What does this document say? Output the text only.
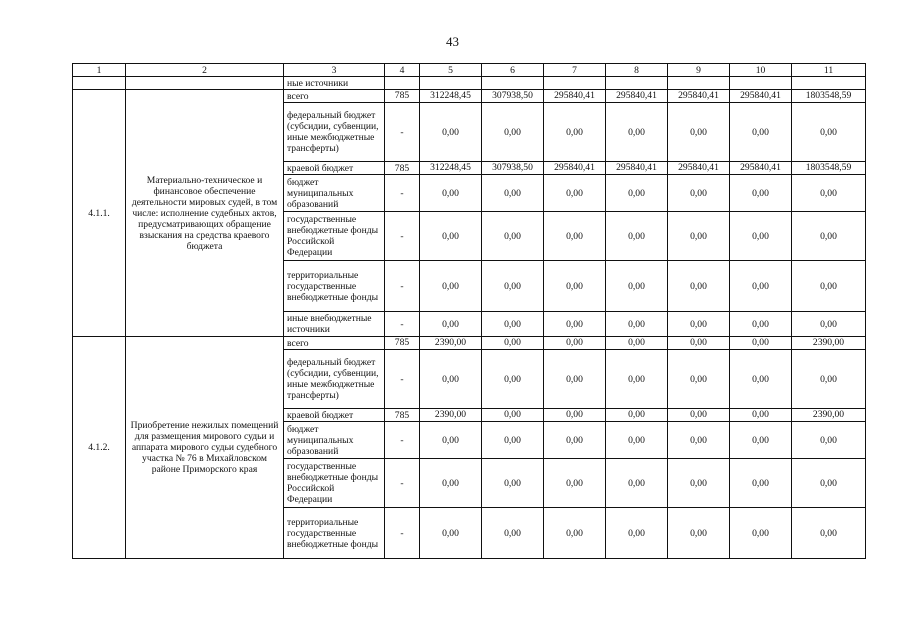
43
1	2	3	4	5	6	7	8	9	10	11
		ные источники								
4.1.1.	Материально-техническое и финансовое обеспечение деятельности мировых судей, в том числе: исполнение судебных актов, предусматривающих обращение взыскания на средства краевого бюджета	всего	785	312248,45	307938,50	295840,41	295840,41	295840,41	295840,41	1803548,59
		федеральный бюджет (субсидии, субвенции, иные межбюджетные трансферты)	-	0,00	0,00	0,00	0,00	0,00	0,00	0,00
		краевой бюджет	785	312248,45	307938,50	295840,41	295840,41	295840,41	295840,41	1803548,59
		бюджет муниципальных образований	-	0,00	0,00	0,00	0,00	0,00	0,00	0,00
		государственные внебюджетные фонды Российской Федерации	-	0,00	0,00	0,00	0,00	0,00	0,00	0,00
		территориальные государственные внебюджетные фонды	-	0,00	0,00	0,00	0,00	0,00	0,00	0,00
		иные внебюджетные источники	-	0,00	0,00	0,00	0,00	0,00	0,00	0,00
4.1.2.	Приобретение нежилых помещений для размещения мирового судьи и аппарата мирового судьи судебного участка № 76 в Михайловском районе Приморского края	всего	785	2390,00	0,00	0,00	0,00	0,00	0,00	2390,00
		федеральный бюджет (субсидии, субвенции, иные межбюджетные трансферты)	-	0,00	0,00	0,00	0,00	0,00	0,00	0,00
		краевой бюджет	785	2390,00	0,00	0,00	0,00	0,00	0,00	2390,00
		бюджет муниципальных образований	-	0,00	0,00	0,00	0,00	0,00	0,00	0,00
		государственные внебюджетные фонды Российской Федерации	-	0,00	0,00	0,00	0,00	0,00	0,00	0,00
		территориальные государственные внебюджетные фонды	-	0,00	0,00	0,00	0,00	0,00	0,00	0,00
